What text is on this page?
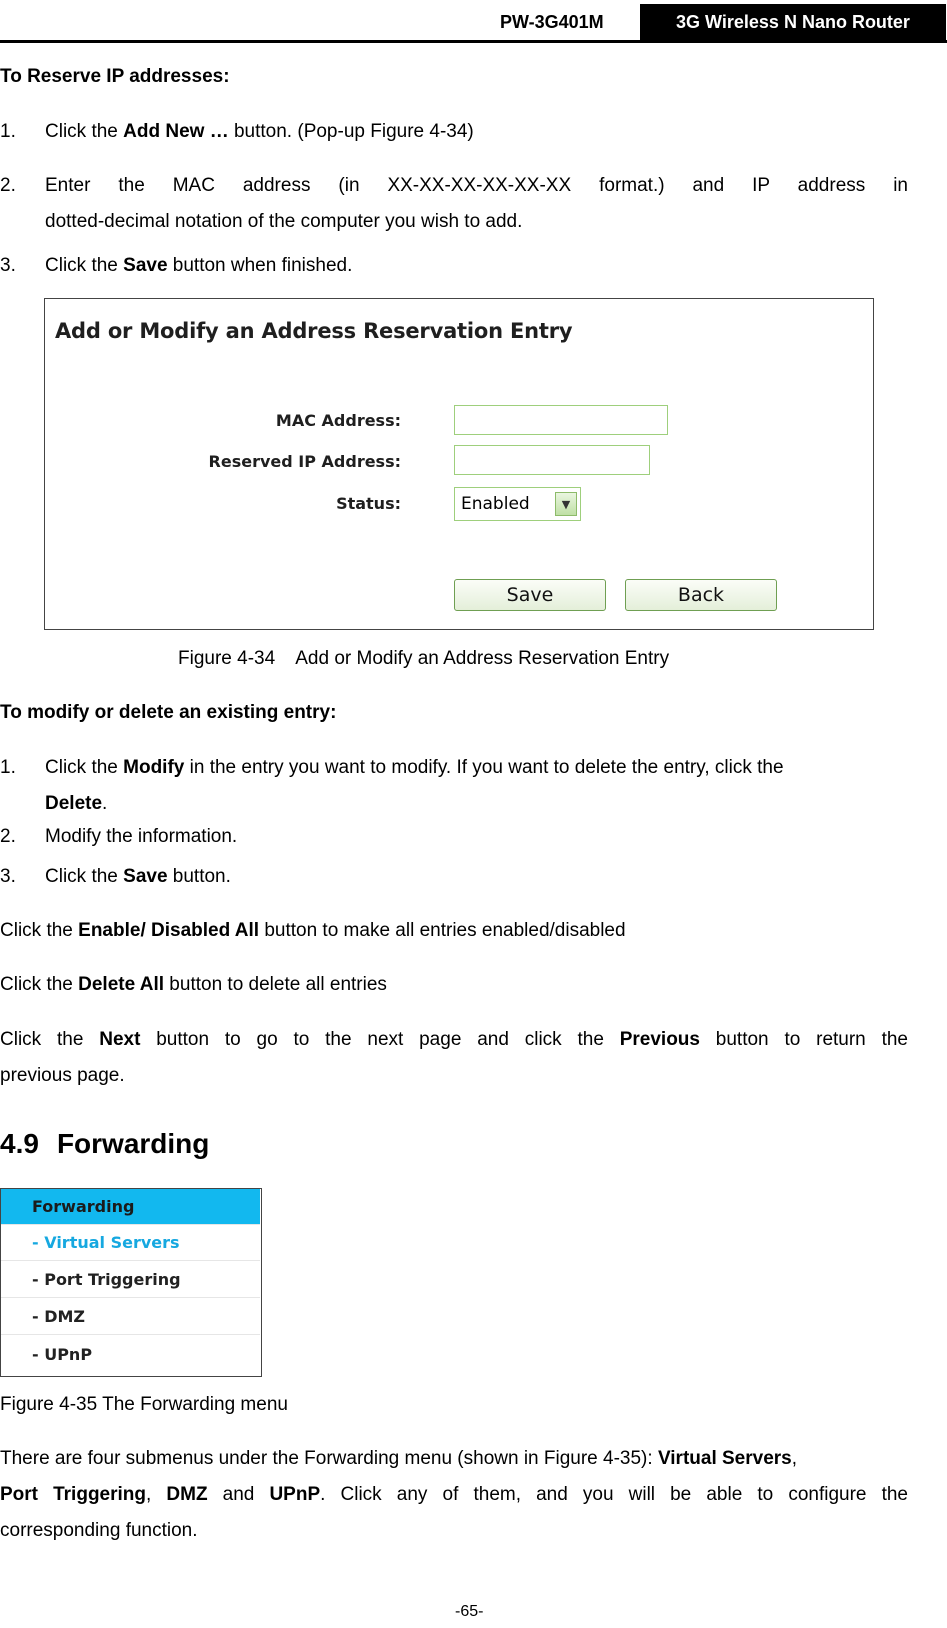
PW-3G401M	3G Wireless N Nano Router
To Reserve IP addresses:
1. Click the Add New … button. (Pop-up Figure 4-34)
2.	Enter the MAC address (in XX-XX-XX-XX-XX-XX format.) and IP address in
dotted-decimal notation of the computer you wish to add.
3. Click the Save button when finished.
Add or Modify an Address Reservation Entry
MAC Address:
Reserved IP Address:
Status:	Enabled	▼
Save	Back
Figure 4-34    Add or Modify an Address Reservation Entry
To modify or delete an existing entry:
1. Click the Modify in the entry you want to modify. If you want to delete the entry, click the
Delete.
2. Modify the information.
3. Click the Save button.
Click the Enable/ Disabled All button to make all entries enabled/disabled
Click the Delete All button to delete all entries
Click the Next button to go to the next page and click the Previous button to return the
previous page.
4.9 Forwarding
Forwarding
- Virtual Servers
- Port Triggering
- DMZ
- UPnP
Figure 4-35 The Forwarding menu
There are four submenus under the Forwarding menu (shown in Figure 4-35): Virtual Servers,
Port Triggering, DMZ and UPnP. Click any of them, and you will be able to configure the
corresponding function.
-65-
